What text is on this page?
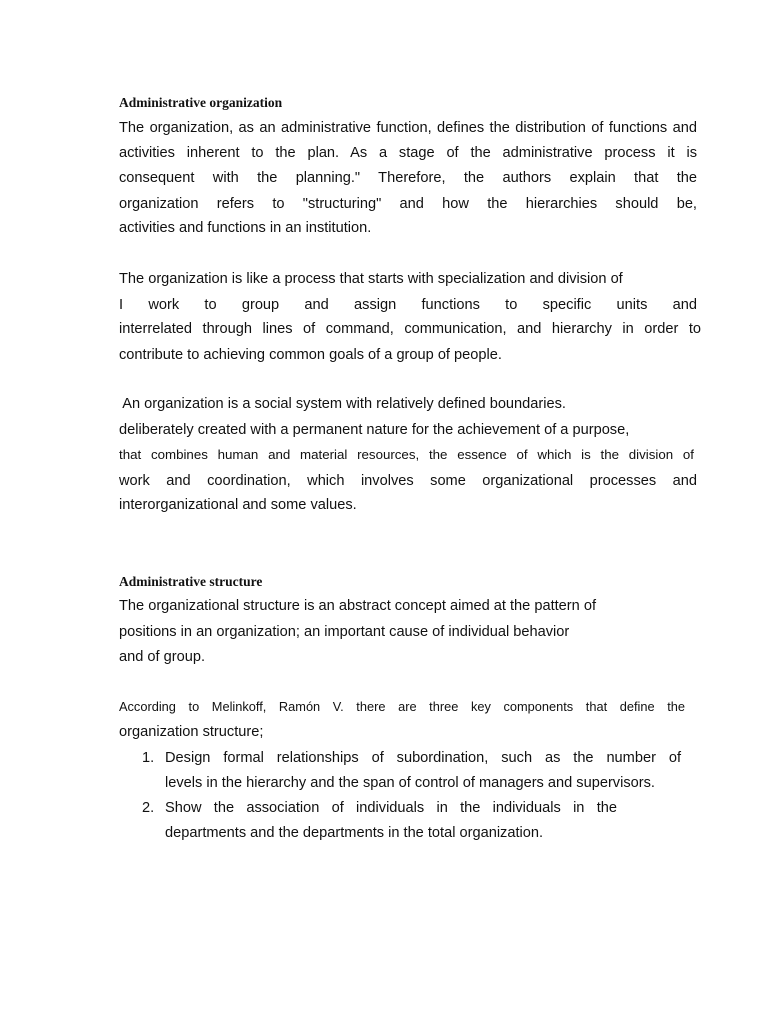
Administrative organization
The organization, as an administrative function, defines the distribution of functions and
activities inherent to the plan. As a stage of the administrative process it is
consequent with the planning." Therefore, the authors explain that the
organization refers to "structuring" and how the hierarchies should be,
activities and functions in an institution.
The organization is like a process that starts with specialization and division of
I work to group and assign functions to specific units and
interrelated through lines of command, communication, and hierarchy in order to
contribute to achieving common goals of a group of people.
An organization is a social system with relatively defined boundaries.
deliberately created with a permanent nature for the achievement of a purpose,
that combines human and material resources, the essence of which is the division of
work and coordination, which involves some organizational processes and
interorganizational and some values.
Administrative structure
The organizational structure is an abstract concept aimed at the pattern of
positions in an organization; an important cause of individual behavior
and of group.
According to Melinkoff, Ramón V. there are three key components that define the
organization structure;
1. Design formal relationships of subordination, such as the number of
levels in the hierarchy and the span of control of managers and supervisors.
2. Show the association of individuals in the individuals in the
departments and the departments in the total organization.
